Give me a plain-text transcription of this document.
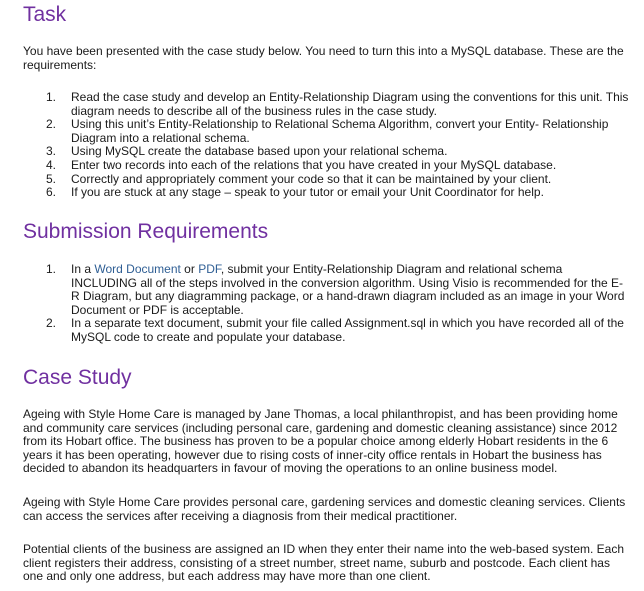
Task

You have been presented with the case study below. You need to turn this into a MySQL database. These are the requirements:

1. Read the case study and develop an Entity-Relationship Diagram using the conventions for this unit. This diagram needs to describe all of the business rules in the case study.
2. Using this unit’s Entity-Relationship to Relational Schema Algorithm, convert your Entity- Relationship Diagram into a relational schema.
3. Using MySQL create the database based upon your relational schema.
4. Enter two records into each of the relations that you have created in your MySQL database.
5. Correctly and appropriately comment your code so that it can be maintained by your client.
6. If you are stuck at any stage – speak to your tutor or email your Unit Coordinator for help.
Submission Requirements
1. In a Word Document or PDF, submit your Entity-Relationship Diagram and relational schema INCLUDING all of the steps involved in the conversion algorithm. Using Visio is recommended for the E-R Diagram, but any diagramming package, or a hand-drawn diagram included as an image in your Word Document or PDF is acceptable.
2. In a separate text document, submit your file called Assignment.sql in which you have recorded all of the MySQL code to create and populate your database.
Case Study

Ageing with Style Home Care is managed by Jane Thomas, a local philanthropist, and has been providing home and community care services (including personal care, gardening and domestic cleaning assistance) since 2012 from its Hobart office. The business has proven to be a popular choice among elderly Hobart residents in the 6 years it has been operating, however due to rising costs of inner-city office rentals in Hobart the business has decided to abandon its headquarters in favour of moving the operations to an online business model.

Ageing with Style Home Care provides personal care, gardening services and domestic cleaning services. Clients can access the services after receiving a diagnosis from their medical practitioner.

Potential clients of the business are assigned an ID when they enter their name into the web-based system. Each client registers their address, consisting of a street number, street name, suburb and postcode. Each client has one and only one address, but each address may have more than one client.
